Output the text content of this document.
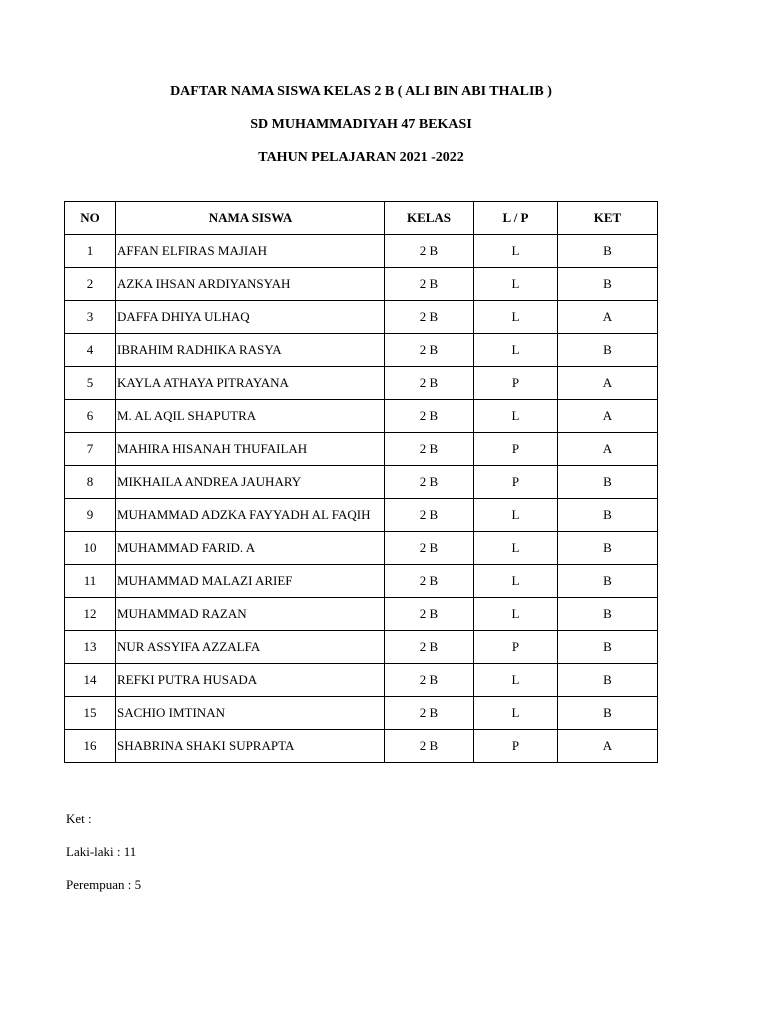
DAFTAR NAMA SISWA KELAS 2 B ( ALI BIN ABI THALIB )
SD MUHAMMADIYAH 47 BEKASI
TAHUN PELAJARAN 2021 -2022
NO	NAMA SISWA	KELAS	L / P	KET
1	AFFAN ELFIRAS MAJIAH	2 B	L	B
2	AZKA IHSAN ARDIYANSYAH	2 B	L	B
3	DAFFA DHIYA ULHAQ	2 B	L	A
4	IBRAHIM RADHIKA RASYA	2 B	L	B
5	KAYLA ATHAYA PITRAYANA	2 B	P	A
6	M. AL AQIL SHAPUTRA	2 B	L	A
7	MAHIRA HISANAH THUFAILAH	2 B	P	A
8	MIKHAILA ANDREA JAUHARY	2 B	P	B
9	MUHAMMAD ADZKA FAYYADH AL FAQIH	2 B	L	B
10	MUHAMMAD FARID. A	2 B	L	B
11	MUHAMMAD MALAZI ARIEF	2 B	L	B
12	MUHAMMAD RAZAN	2 B	L	B
13	NUR ASSYIFA AZZALFA	2 B	P	B
14	REFKI PUTRA HUSADA	2 B	L	B
15	SACHIO IMTINAN	2 B	L	B
16	SHABRINA SHAKI SUPRAPTA	2 B	P	A
Ket :
Laki-laki : 11
Perempuan : 5
